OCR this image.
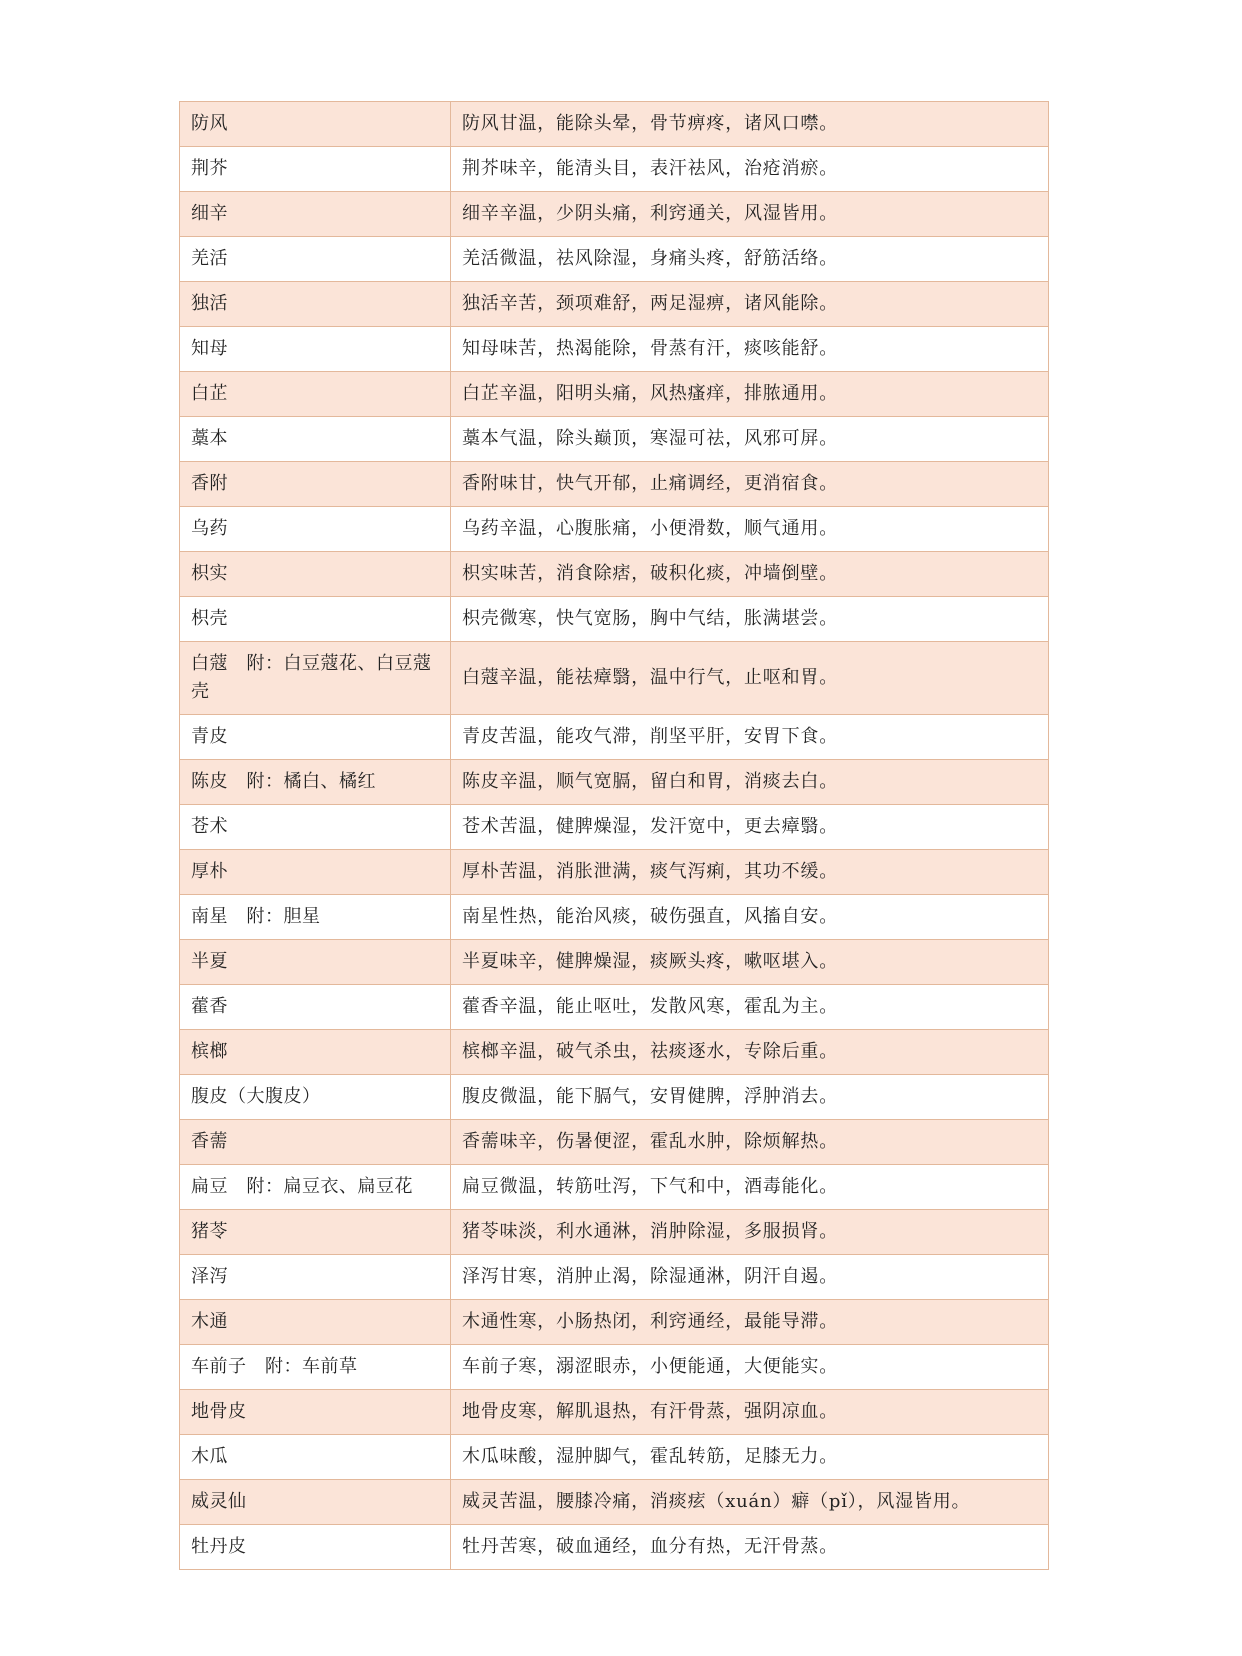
防风	防风甘温，能除头晕，骨节痹疼，诸风口噤。
荆芥	荆芥味辛，能清头目，表汗祛风，治疮消瘀。
细辛	细辛辛温，少阴头痛，利窍通关，风湿皆用。
羌活	羌活微温，祛风除湿，身痛头疼，舒筋活络。
独活	独活辛苦，颈项难舒，两足湿痹，诸风能除。
知母	知母味苦，热渴能除，骨蒸有汗，痰咳能舒。
白芷	白芷辛温，阳明头痛，风热瘙痒，排脓通用。
藁本	藁本气温，除头巅顶，寒湿可祛，风邪可屏。
香附	香附味甘，快气开郁，止痛调经，更消宿食。
乌药	乌药辛温，心腹胀痛，小便滑数，顺气通用。
枳实	枳实味苦，消食除痞，破积化痰，冲墙倒壁。
枳壳	枳壳微寒，快气宽肠，胸中气结，胀满堪尝。
白蔻　附：白豆蔻花、白豆蔻壳	白蔻辛温，能祛瘴翳，温中行气，止呕和胃。
青皮	青皮苦温，能攻气滞，削坚平肝，安胃下食。
陈皮　附：橘白、橘红	陈皮辛温，顺气宽膈，留白和胃，消痰去白。
苍术	苍术苦温，健脾燥湿，发汗宽中，更去瘴翳。
厚朴	厚朴苦温，消胀泄满，痰气泻痢，其功不缓。
南星　附：胆星	南星性热，能治风痰，破伤强直，风搐自安。
半夏	半夏味辛，健脾燥湿，痰厥头疼，嗽呕堪入。
藿香	藿香辛温，能止呕吐，发散风寒，霍乱为主。
槟榔	槟榔辛温，破气杀虫，祛痰逐水，专除后重。
腹皮（大腹皮）	腹皮微温，能下膈气，安胃健脾，浮肿消去。
香薷	香薷味辛，伤暑便涩，霍乱水肿，除烦解热。
扁豆　附：扁豆衣、扁豆花	扁豆微温，转筋吐泻，下气和中，酒毒能化。
猪苓	猪苓味淡，利水通淋，消肿除湿，多服损肾。
泽泻	泽泻甘寒，消肿止渴，除湿通淋，阴汗自遏。
木通	木通性寒，小肠热闭，利窍通经，最能导滞。
车前子　附：车前草	车前子寒，溺涩眼赤，小便能通，大便能实。
地骨皮	地骨皮寒，解肌退热，有汗骨蒸，强阴凉血。
木瓜	木瓜味酸，湿肿脚气，霍乱转筋，足膝无力。
威灵仙	威灵苦温，腰膝冷痛，消痰痃（xuán）癖（pǐ），风湿皆用。
牡丹皮	牡丹苦寒，破血通经，血分有热，无汗骨蒸。
